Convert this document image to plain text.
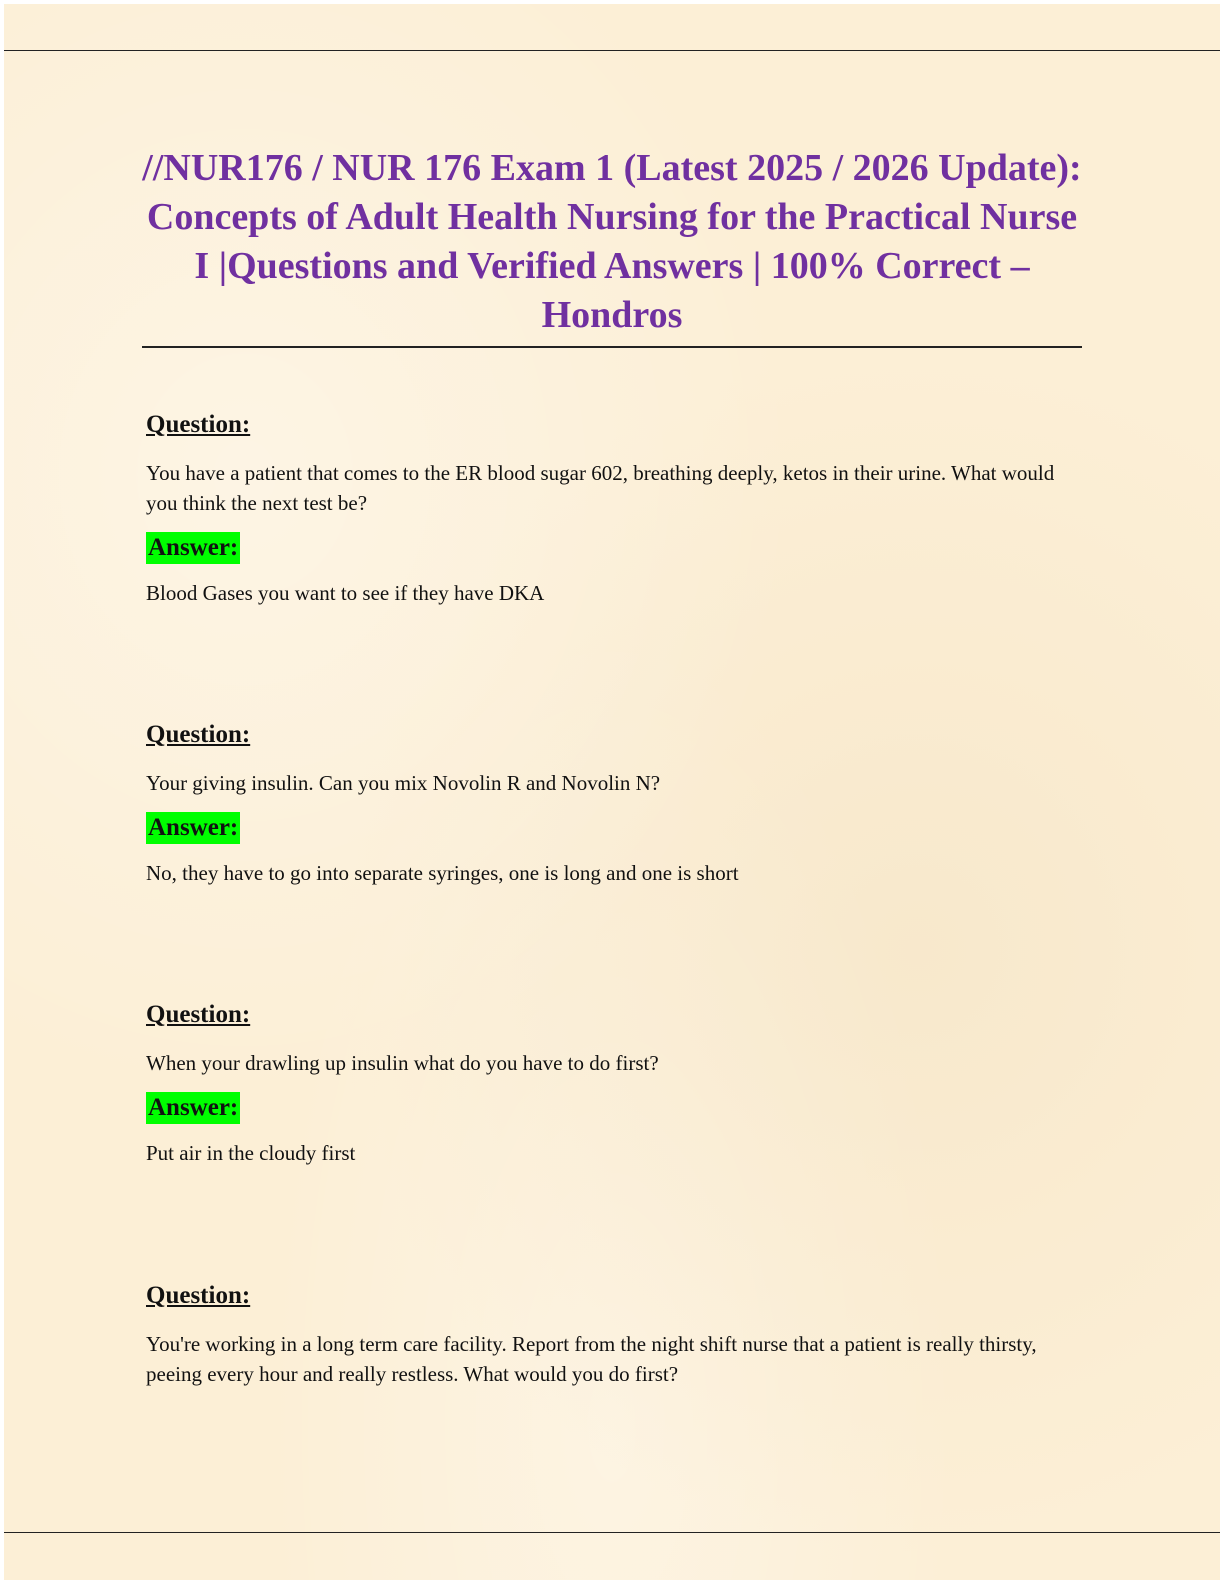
//NUR176 / NUR 176 Exam 1 (Latest 2025 / 2026 Update): Concepts of Adult Health Nursing for the Practical Nurse I |Questions and Verified Answers | 100% Correct – Hondros

Question:

You have a patient that comes to the ER blood sugar 602, breathing deeply, ketos in their urine. What would you think the next test be?

Answer:

Blood Gases you want to see if they have DKA

Question:

Your giving insulin. Can you mix Novolin R and Novolin N?

Answer:

No, they have to go into separate syringes, one is long and one is short

Question:

When your drawling up insulin what do you have to do first?

Answer:

Put air in the cloudy first

Question:

You're working in a long term care facility. Report from the night shift nurse that a patient is really thirsty, peeing every hour and really restless. What would you do first?
